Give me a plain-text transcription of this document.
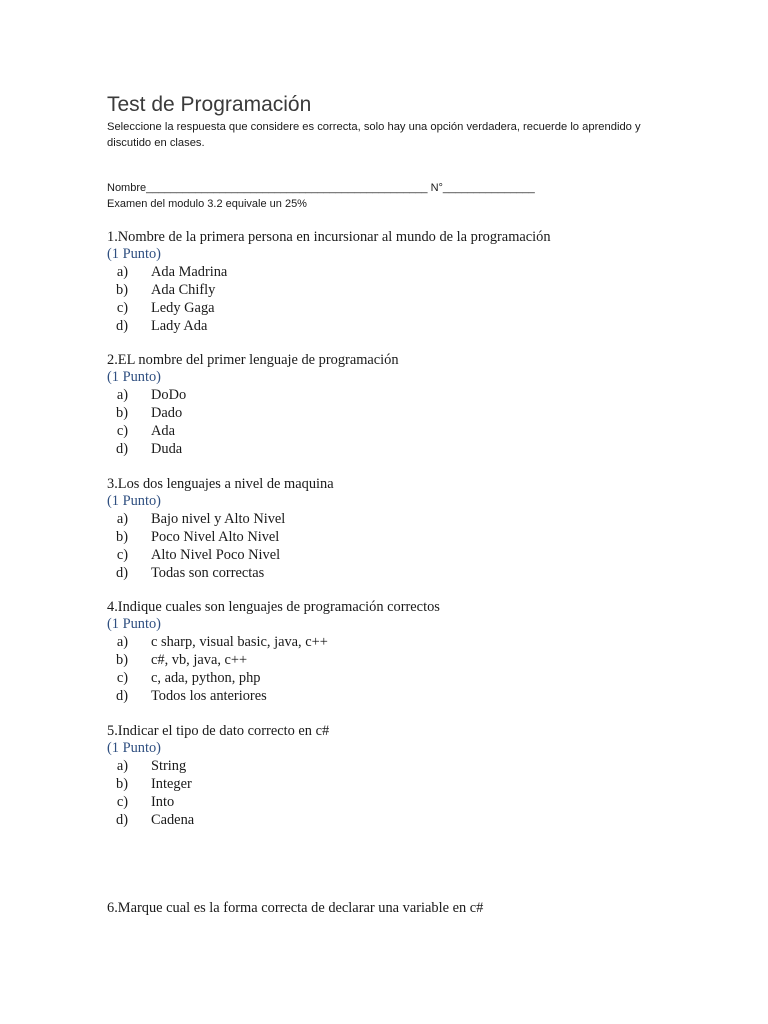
Test de Programación
Seleccione la respuesta que considere es correcta, solo hay una opción verdadera, recuerde lo aprendido y discutido en clases.
Nombre______________________________________________ N°_______________
Examen del modulo 3.2 equivale un 25%
1.Nombre de la primera persona en incursionar al mundo de la programación
(1 Punto)
a) Ada Madrina
b) Ada Chifly
c) Ledy Gaga
d) Lady Ada
2.EL nombre del primer lenguaje de programación
(1 Punto)
a) DoDo
b) Dado
c) Ada
d) Duda
3.Los dos lenguajes a nivel de maquina
(1 Punto)
a) Bajo nivel y Alto Nivel
b) Poco Nivel Alto Nivel
c) Alto Nivel Poco Nivel
d) Todas son correctas
4.Indique cuales son lenguajes de programación correctos
(1 Punto)
a) c sharp, visual basic, java, c++
b) c#, vb, java, c++
c) c, ada, python, php
d) Todos los anteriores
5.Indicar el tipo de dato correcto en c#
(1 Punto)
a) String
b) Integer
c) Into
d) Cadena
6.Marque cual es la forma correcta de declarar una variable en c#
